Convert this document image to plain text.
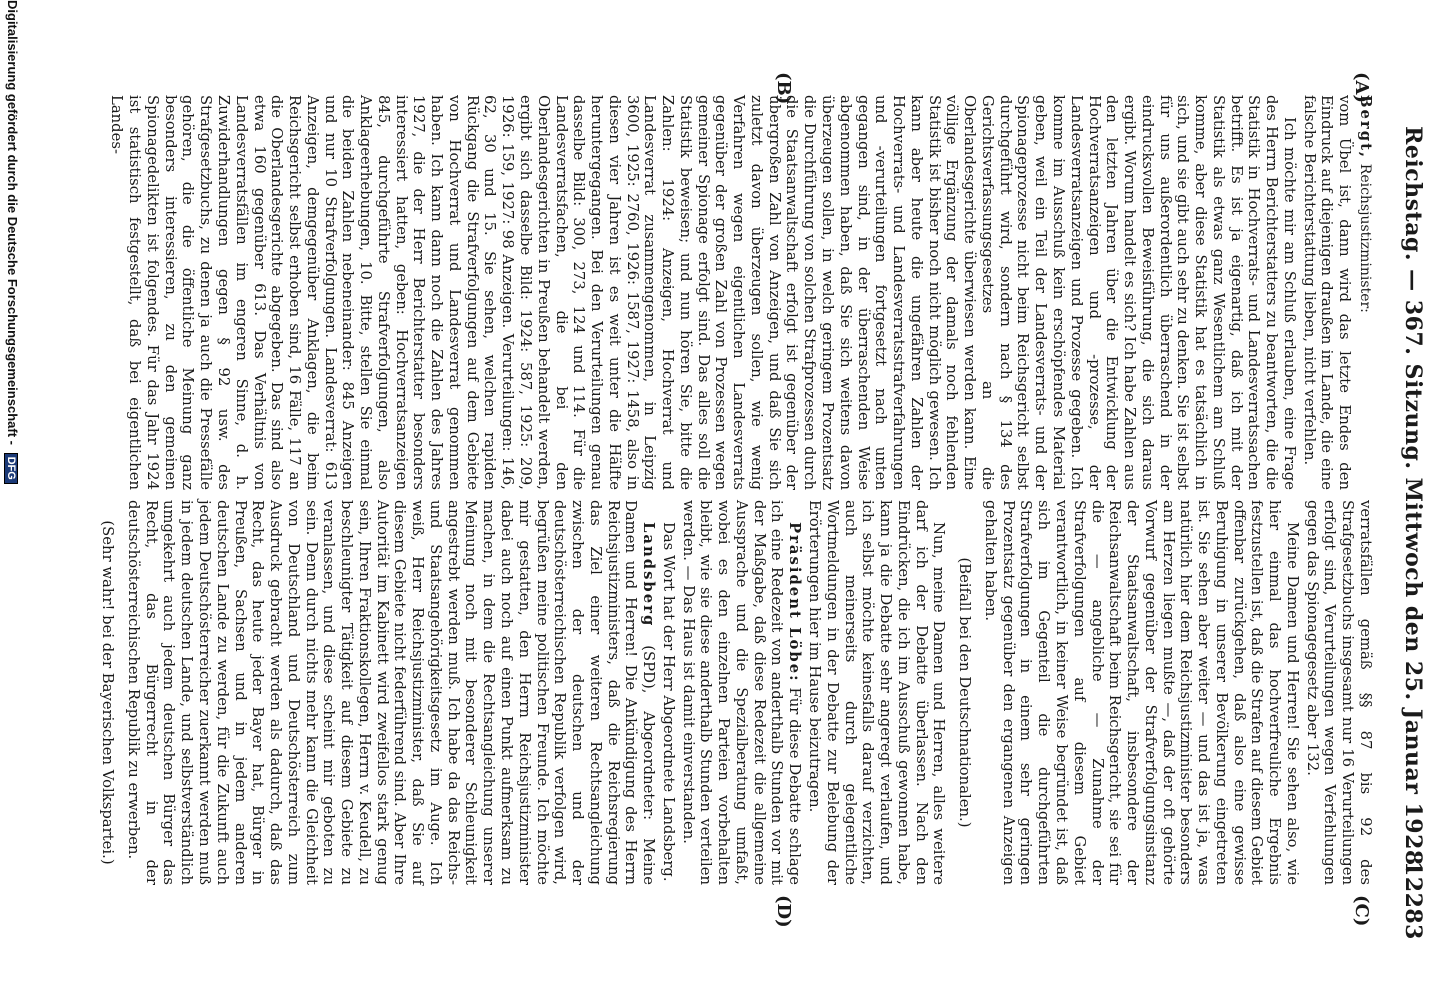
Reichstag. — 367. Sitzung. Mittwoch den 25. Januar 1928.
12283
(A)
(B)
(C)
(D)

Bergt, Reichsjustizminister:

vom Übel ist, dann wird das letzte Endes den Eindruck auf diejenigen draußen im Lande, die eine falsche Berichterstattung lieben, nicht verfehlen.

Ich möchte mir am Schluß erlauben, eine Frage des Herrn Berichterstatters zu beantworten, die die Statistik in Hochverrats- und Landesverratssachen betrifft. Es ist ja eigenartig, daß ich mit der Statistik als etwas ganz Wesentlichem am Schluß komme, aber diese Statistik hat es tatsächlich in sich, und sie gibt auch sehr zu denken. Sie ist selbst für uns außerordentlich überraschend in der eindrucksvollen Beweisführung, die sich daraus ergibt. Worum handelt es sich? Ich habe Zahlen aus den letzten Jahren über die Entwicklung der Hochverratsanzeigen und -prozesse, der Landesverratsanzeigen und Prozesse gegeben. Ich komme im Ausschuß kein erschöpfendes Material geben, weil ein Teil der Landesverrats- und der Spionageprozesse nicht beim Reichsgericht selbst durchgeführt wird, sondern nach § 134 des Gerichtsverfassungsgesetzes an die Oberlandesgerichte überwiesen werden kann. Eine völlige Ergänzung der damals noch fehlenden Statistik ist bisher noch nicht möglich gewesen. Ich kann aber heute die ungefähren Zahlen der Hochverrats- und Landesverratsstrafverfahrungen und -verurteilungen fortgesetzt nach unten gegangen sind, in der überraschenden Weise abgenommen haben, daß Sie sich weitens davon überzeugen sollen, in welch geringem Prozentsatz die Durchführung von solchen Strafprozessen durch die Staatsanwaltschaft erfolgt ist gegenüber der übergroßen Zahl von Anzeigen, und daß Sie sich zuletzt davon überzeugen sollen, wie wenig Verfahren wegen eigentlichen Landesverrats gegenüber der großen Zahl von Prozessen wegen gemeiner Spionage erfolgt sind. Das alles soll die Statistik beweisen; und nun hören Sie, bitte die Zahlen: 1924: Anzeigen, Hochverrat und Landesverrat zusammengenommen, in Leipzig 3600, 1925: 2760, 1926: 1587, 1927: 1458, also in diesen vier Jahren ist es weit unter die Hälfte heruntergegangen. Bei den Verurteilungen genau dasselbe Bild: 300, 273, 124 und 114. Für die Landesverratsfachen, die bei den Oberlandesgerichten in Preußen behandelt werden, ergibt sich dasselbe Bild: 1924: 587, 1925: 209, 1926: 159, 1927: 98 Anzeigen. Verurteilungen: 146, 62, 30 und 15. Sie sehen, welchen rapiden Rückgang die Strafverfolgungen auf dem Gebiete von Hochverrat und Landesverrat genommen haben. Ich kann dann noch die Zahlen des Jahres 1927, die der Herr Berichterstatter besonders interessiert hatten, geben: Hochverratsanzeigen 845, durchgeführte Strafverfolgungen, also Anklageerhebungen, 10. Bitte, stellen Sie einmal die beiden Zahlen nebeneinander: 845 Anzeigen und nur 10 Strafverfolgungen. Landesverrat: 613 Anzeigen, demgegenüber Anklagen, die beim Reichsgericht selbst erhoben sind, 16 Fälle, 117 an die Oberlandesgerichte abgegeben. Das sind also etwa 160 gegenüber 613. Das Verhältnis von Landesverratsfällen im engeren Sinne, d. h. Zuwiderhandlungen gegen § 92 usw. des Strafgesetzbuchs, zu denen ja auch die Pressefälle gehören, die die öffentliche Meinung ganz besonders interessieren, zu den gemeinen Spionagedelikten ist folgendes. Für das Jahr 1924 ist statistisch festgestellt, daß bei eigentlichen Landes-

verratsfällen gemäß §§ 87 bis 92 des Strafgesetzbuchs insgesamt nur 16 Verurteilungen erfolgt sind, Verurteilungen wegen Verfehlungen gegen das Spionagegesetz aber 132.

Meine Damen und Herren! Sie sehen also, wie hier einmal das hochverfreuliche Ergebnis festzustellen ist, daß die Strafen auf diesem Gebiet offenbar zurückgehen, daß also eine gewisse Beruhigung in unserer Bevölkerung eingetreten ist. Sie sehen aber weiter — und das ist ja, was natürlich hier dem Reichsjustizminister besonders am Herzen liegen mußte —, daß der oft gehörte Vorwurf gegenüber der Strafverfolgungsinstanz der Staatsanwaltschaft, insbesondere der Reichsanwaltschaft beim Reichsgericht, sie sei für die — angebliche — Zunahme der Strafverfolgungen auf diesem Gebiet verantwortlich, in keiner Weise begründet ist, daß sich im Gegenteil die durchgeführten Strafverfolgungen in einem sehr geringen Prozentsatz gegenüber den ergangenen Anzeigen gehalten haben.

(Beifall bei den Deutschnationalen.)

Nun, meine Damen und Herren, alles weitere darf ich der Debatte überlassen. Nach den Eindrücken, die ich im Ausschuß gewonnen habe, kann ja die Debatte sehr angeregt verlaufen, und ich selbst möchte keinesfalls darauf verzichten, auch meinerseits durch gelegentliche Wortmeldungen in der Debatte zur Belebung der Erörterungen hier im Hause beizutragen.

Präsident Löbe: Für diese Debatte schlage ich eine Redezeit von anderthalb Stunden vor mit der Maßgabe, daß diese Redezeit die allgemeine Aussprache und die Spezialberatung umfaßt, wobei es den einzelnen Parteien vorbehalten bleibt, wie sie diese anderthalb Stunden verteilen werden. — Das Haus ist damit einverstanden.

Das Wort hat der Herr Abgeordnete Landsberg.

Landsberg (SPD), Abgeordneter: Meine Damen und Herren! Die Ankündigung des Herrn Reichsjustizministers, daß die Reichsregierung das Ziel einer weiteren Rechtsangleichung zwischen der deutschen und der deutschösterreichischen Republik verfolgen wird, begrüßen meine politischen Freunde. Ich möchte mir gestatten, den Herrn Reichsjustizminister dabei auch noch auf einen Punkt aufmerksam zu machen, in dem die Rechtsangleichung unserer Meinung noch mit besonderer Schleunigkeit angestrebt werden muß. Ich habe da das Reichs- und Staatsangehörigkeitsgesetz im Auge. Ich weiß, Herr Reichsjustizminister, daß Sie auf diesem Gebiete nicht federführend sind. Aber Ihre Autorität im Kabinett wird zweifellos stark genug sein, Ihren Fraktionskollegen, Herrn v. Keudell, zu beschleunigter Tätigkeit auf diesem Gebiete zu veranlassen, und diese scheint mir geboten zu sein. Denn durch nichts mehr kann die Gleichheit von Deutschland und Deutschösterreich zum Ausdruck gebracht werden als dadurch, daß das Recht, das heute jeder Bayer hat, Bürger in Preußen, Sachsen und in jedem anderen deutschen Lande zu werden, für die Zukunft auch jedem Deutschösterreicher zuerkannt werden muß in jedem deutschen Lande, und selbstverständlich umgekehrt auch jedem deutschen Bürger das Recht, das Bürgerrecht in der deutschösterreichischen Republik zu erwerben.

(Sehr wahr! bei der Bayerischen Volkspartei.)

Digitalisierung gefördert durch die Deutsche Forschungsgemeinschaft - DFG
